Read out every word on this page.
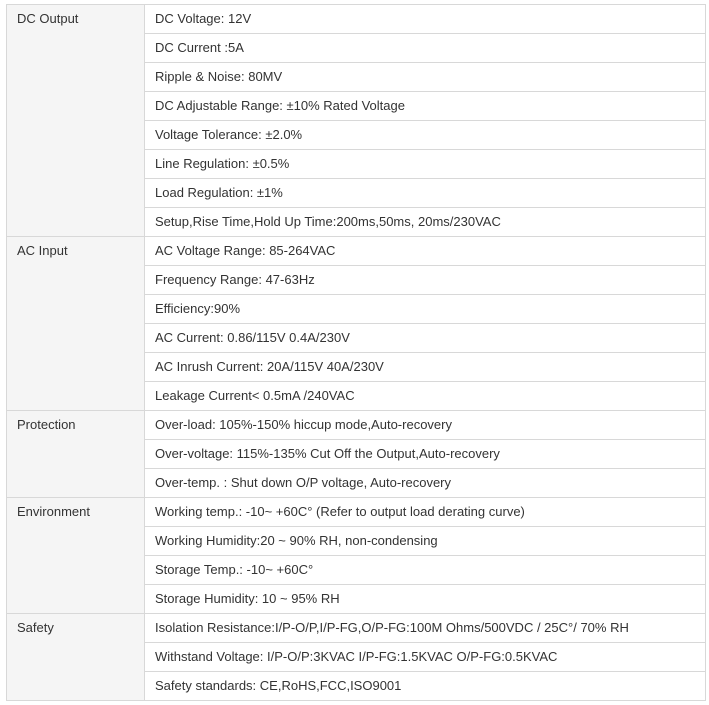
DC Output	DC Voltage: 12V
	DC Current :5A
	Ripple & Noise: 80MV
	DC Adjustable Range: ±10% Rated Voltage
	Voltage Tolerance: ±2.0%
	Line Regulation: ±0.5%
	Load Regulation: ±1%
	Setup,Rise Time,Hold Up Time:200ms,50ms, 20ms/230VAC
AC Input	AC Voltage Range: 85-264VAC
	Frequency Range: 47-63Hz
	Efficiency:90%
	AC Current: 0.86/115V 0.4A/230V
	AC Inrush Current: 20A/115V 40A/230V
	Leakage Current< 0.5mA /240VAC
Protection	Over-load: 105%-150% hiccup mode,Auto-recovery
	Over-voltage: 115%-135% Cut Off the Output,Auto-recovery
	Over-temp. : Shut down O/P voltage, Auto-recovery
Environment	Working temp.: -10~ +60C° (Refer to output load derating curve)
	Working Humidity:20 ~ 90% RH, non-condensing
	Storage Temp.: -10~ +60C°
	Storage Humidity: 10 ~ 95% RH
Safety	Isolation Resistance:I/P-O/P,I/P-FG,O/P-FG:100M Ohms/500VDC / 25C°/ 70% RH
	Withstand Voltage: I/P-O/P:3KVAC I/P-FG:1.5KVAC O/P-FG:0.5KVAC
	Safety standards: CE,RoHS,FCC,ISO9001
